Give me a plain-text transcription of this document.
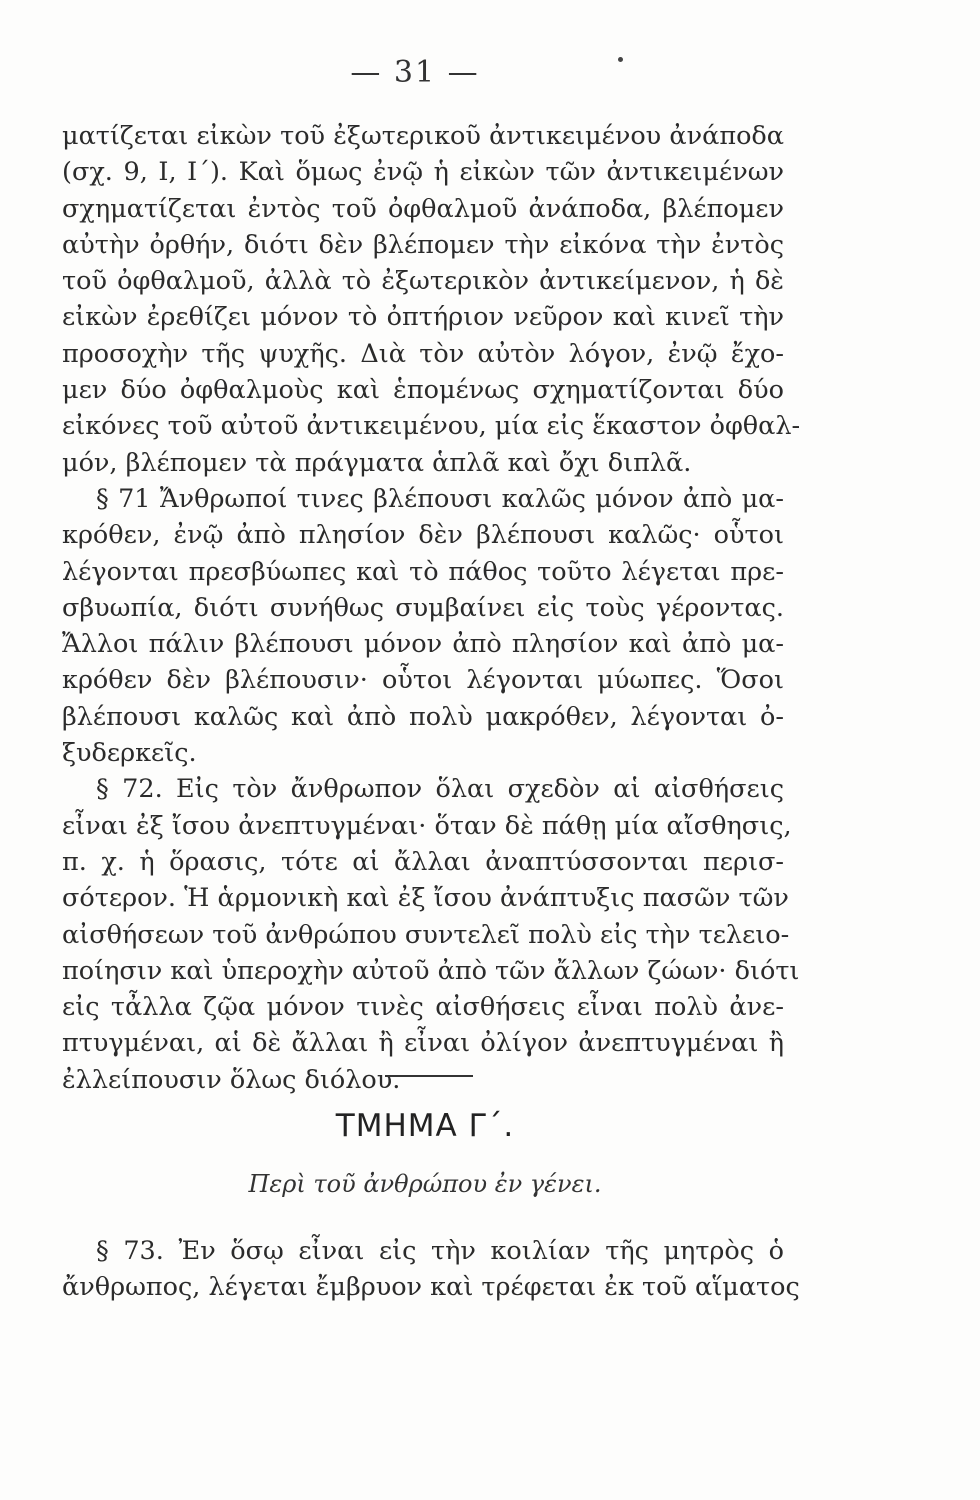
— 31 —
ματίζεται εἰκὼν τοῦ ἐξωτερικοῦ ἀντικειμένου ἀνάποδα
(σχ. 9, Ι, Ι΄). Καὶ ὅμως ἐνῷ ἡ εἰκὼν τῶν ἀντικειμένων
σχηματίζεται ἐντὸς τοῦ ὀφθαλμοῦ ἀνάποδα, βλέπομεν
αὐτὴν ὀρθήν, διότι δὲν βλέπομεν τὴν εἰκόνα τὴν ἐντὸς
τοῦ ὀφθαλμοῦ, ἀλλὰ τὸ ἐξωτερικὸν ἀντικείμενον, ἡ δὲ
εἰκὼν ἐρεθίζει μόνον τὸ ὀπτήριον νεῦρον καὶ κινεῖ τὴν
προσοχὴν τῆς ψυχῆς. Διὰ τὸν αὐτὸν λόγον, ἐνῷ ἔχο-
μεν δύο ὀφθαλμοὺς καὶ ἑπομένως σχηματίζονται δύο
εἰκόνες τοῦ αὐτοῦ ἀντικειμένου, μία εἰς ἕκαστον ὀφθαλ-
μόν, βλέπομεν τὰ πράγματα ἁπλᾶ καὶ ὄχι διπλᾶ.
§ 71 Ἄνθρωποί τινες βλέπουσι καλῶς μόνον ἀπὸ μα-
κρόθεν, ἐνῷ ἀπὸ πλησίον δὲν βλέπουσι καλῶς· οὗτοι
λέγονται πρεσβύωπες καὶ τὸ πάθος τοῦτο λέγεται πρε-
σβυωπία, διότι συνήθως συμβαίνει εἰς τοὺς γέροντας.
Ἄλλοι πάλιν βλέπουσι μόνον ἀπὸ πλησίον καὶ ἀπὸ μα-
κρόθεν δὲν βλέπουσιν· οὗτοι λέγονται μύωπες. Ὅσοι
βλέπουσι καλῶς καὶ ἀπὸ πολὺ μακρόθεν, λέγονται ὀ-
ξυδερκεῖς.
§ 72. Εἰς τὸν ἄνθρωπον ὅλαι σχεδὸν αἱ αἰσθήσεις
εἶναι ἐξ ἴσου ἀνεπτυγμέναι· ὅταν δὲ πάθῃ μία αἴσθησις,
π. χ. ἡ ὅρασις, τότε αἱ ἄλλαι ἀναπτύσσονται περισ-
σότερον. Ἡ ἁρμονικὴ καὶ ἐξ ἴσου ἀνάπτυξις πασῶν τῶν
αἰσθήσεων τοῦ ἀνθρώπου συντελεῖ πολὺ εἰς τὴν τελειο-
ποίησιν καὶ ὑπεροχὴν αὐτοῦ ἀπὸ τῶν ἄλλων ζώων· διότι
εἰς τἆλλα ζῷα μόνον τινὲς αἰσθήσεις εἶναι πολὺ ἀνε-
πτυγμέναι, αἱ δὲ ἄλλαι ἢ εἶναι ὀλίγον ἀνεπτυγμέναι ἢ
ἐλλείπουσιν ὅλως διόλου.
ΤΜΗΜΑ Γ΄.
Περὶ τοῦ ἀνθρώπου ἐν γένει.
§ 73. Ἐν ὅσῳ εἶναι εἰς τὴν κοιλίαν τῆς μητρὸς ὁ
ἄνθρωπος, λέγεται ἔμβρυον καὶ τρέφεται ἐκ τοῦ αἵματος
